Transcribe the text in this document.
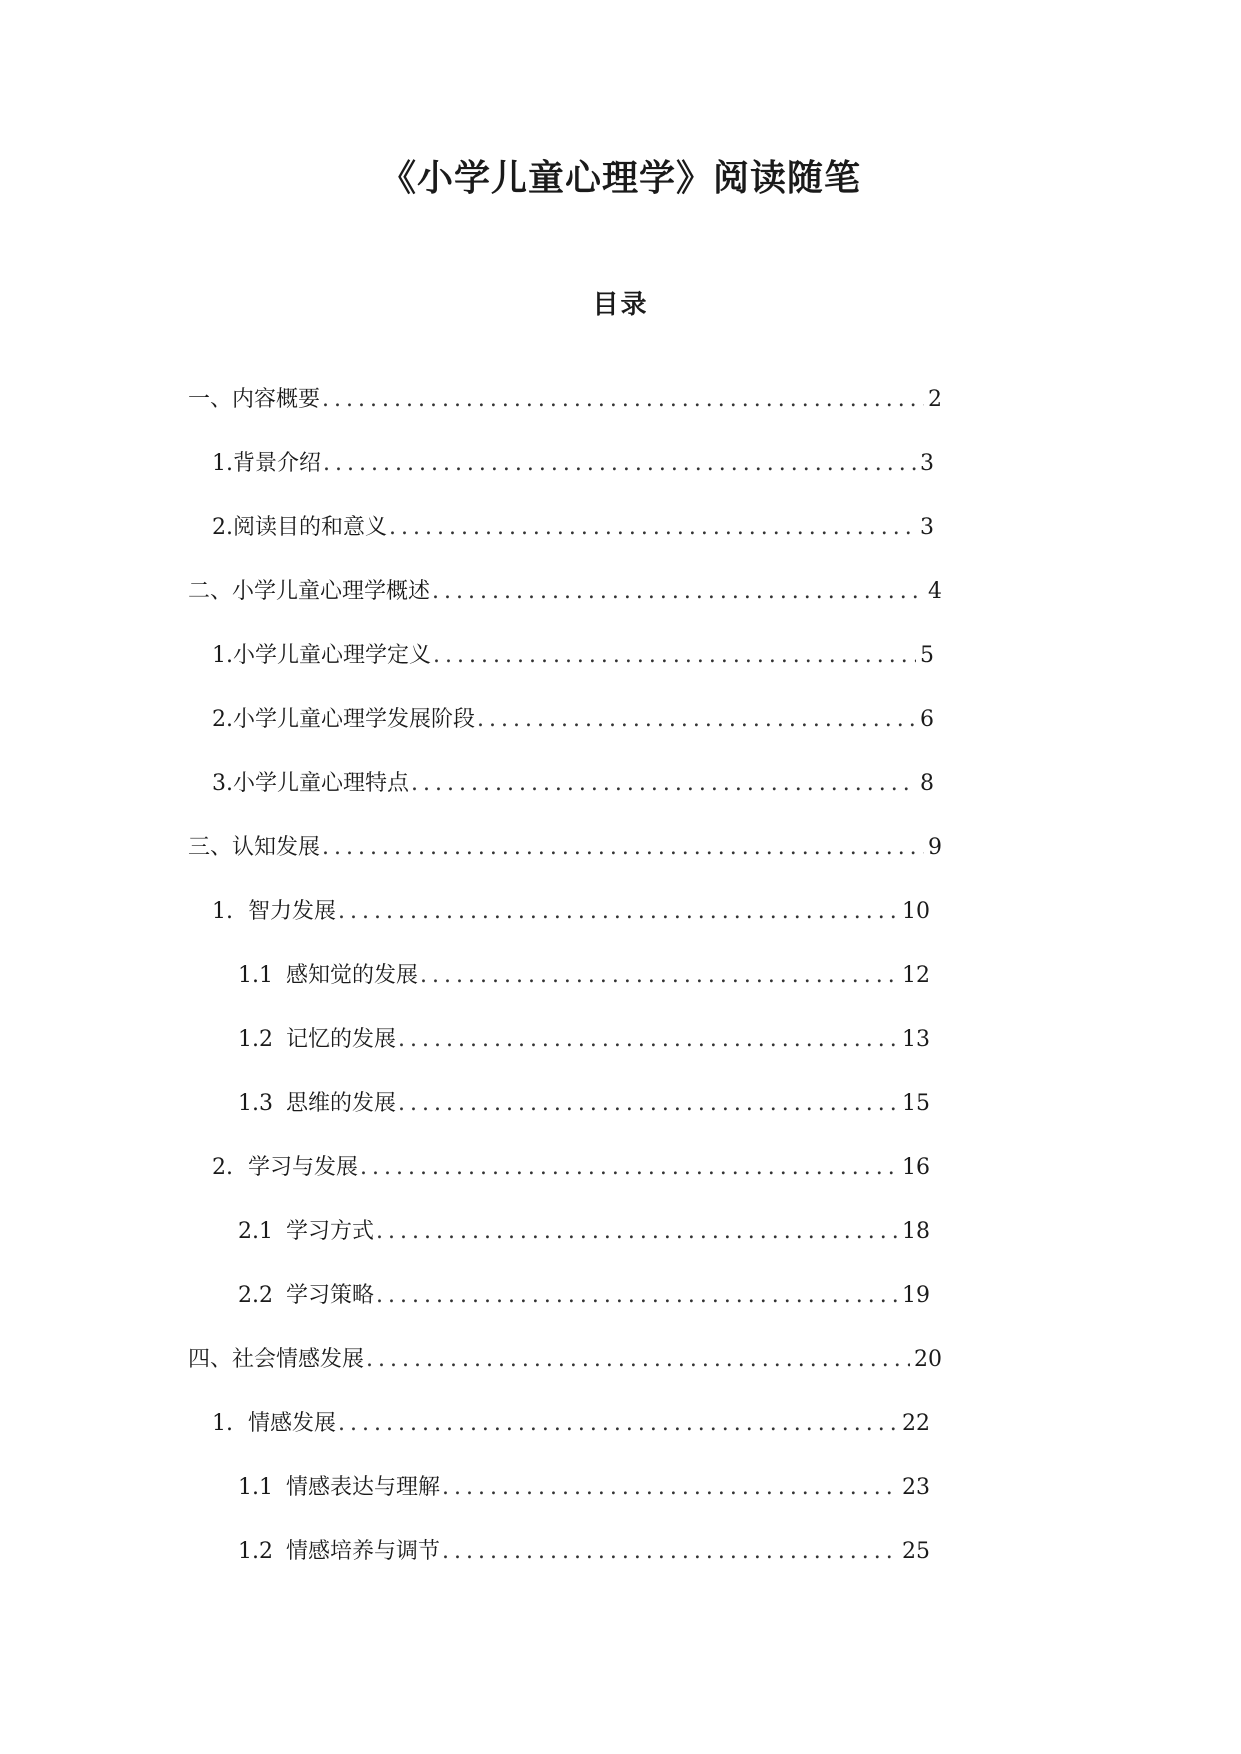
《小学儿童心理学》阅读随笔
目录
一、内容概要 .....	2
1.背景介绍 .....	3
2.阅读目的和意义 .....	3
二、小学儿童心理学概述 .....	4
1.小学儿童心理学定义 .....	5
2.小学儿童心理学发展阶段 .....	6
3.小学儿童心理特点 .....	8
三、认知发展 .....	9
1. 智力发展 .....	10
1.1 感知觉的发展 .....	12
1.2 记忆的发展 .....	13
1.3 思维的发展 .....	15
2. 学习与发展 .....	16
2.1 学习方式 .....	18
2.2 学习策略 .....	19
四、社会情感发展 .....	20
1. 情感发展 .....	22
1.1 情感表达与理解 .....	23
1.2 情感培养与调节 .....	25
